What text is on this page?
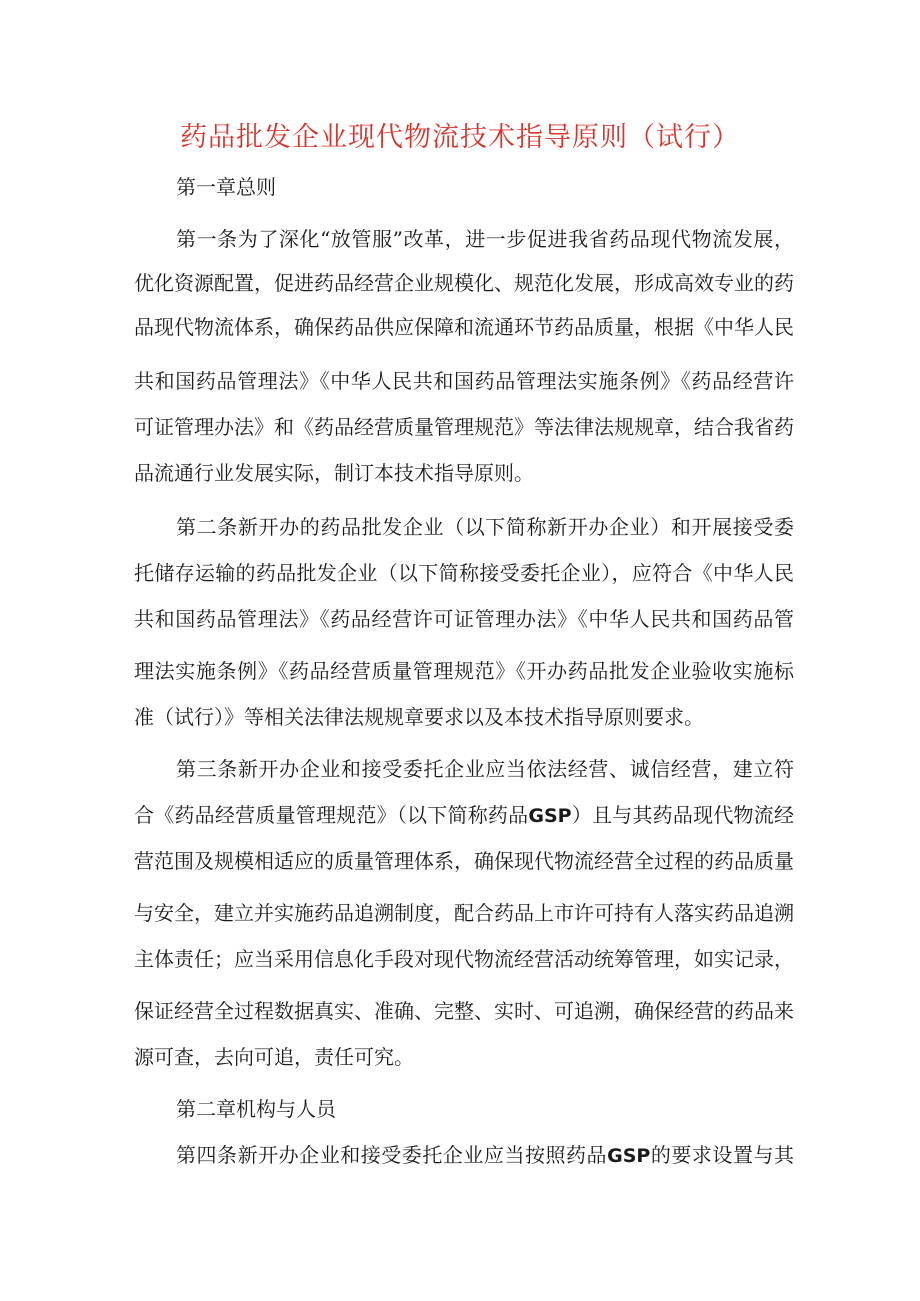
药品批发企业现代物流技术指导原则（试行）

第一章总则

第一条为了深化“放管服”改革，进一步促进我省药品现代物流发展，

优化资源配置，促进药品经营企业规模化、规范化发展，形成高效专业的药

品现代物流体系，确保药品供应保障和流通环节药品质量，根据《中华人民

共和国药品管理法》《中华人民共和国药品管理法实施条例》《药品经营许

可证管理办法》和《药品经营质量管理规范》等法律法规规章，结合我省药

品流通行业发展实际，制订本技术指导原则。

第二条新开办的药品批发企业（以下简称新开办企业）和开展接受委

托储存运输的药品批发企业（以下简称接受委托企业），应符合《中华人民

共和国药品管理法》《药品经营许可证管理办法》《中华人民共和国药品管

理法实施条例》《药品经营质量管理规范》《开办药品批发企业验收实施标

准（试行）》等相关法律法规规章要求以及本技术指导原则要求。

第三条新开办企业和接受委托企业应当依法经营、诚信经营，建立符

合《药品经营质量管理规范》（以下简称药品GSP）且与其药品现代物流经

营范围及规模相适应的质量管理体系，确保现代物流经营全过程的药品质量

与安全，建立并实施药品追溯制度，配合药品上市许可持有人落实药品追溯

主体责任；应当采用信息化手段对现代物流经营活动统筹管理，如实记录，

保证经营全过程数据真实、准确、完整、实时、可追溯，确保经营的药品来

源可查，去向可追，责任可究。

第二章机构与人员

第四条新开办企业和接受委托企业应当按照药品GSP的要求设置与其
